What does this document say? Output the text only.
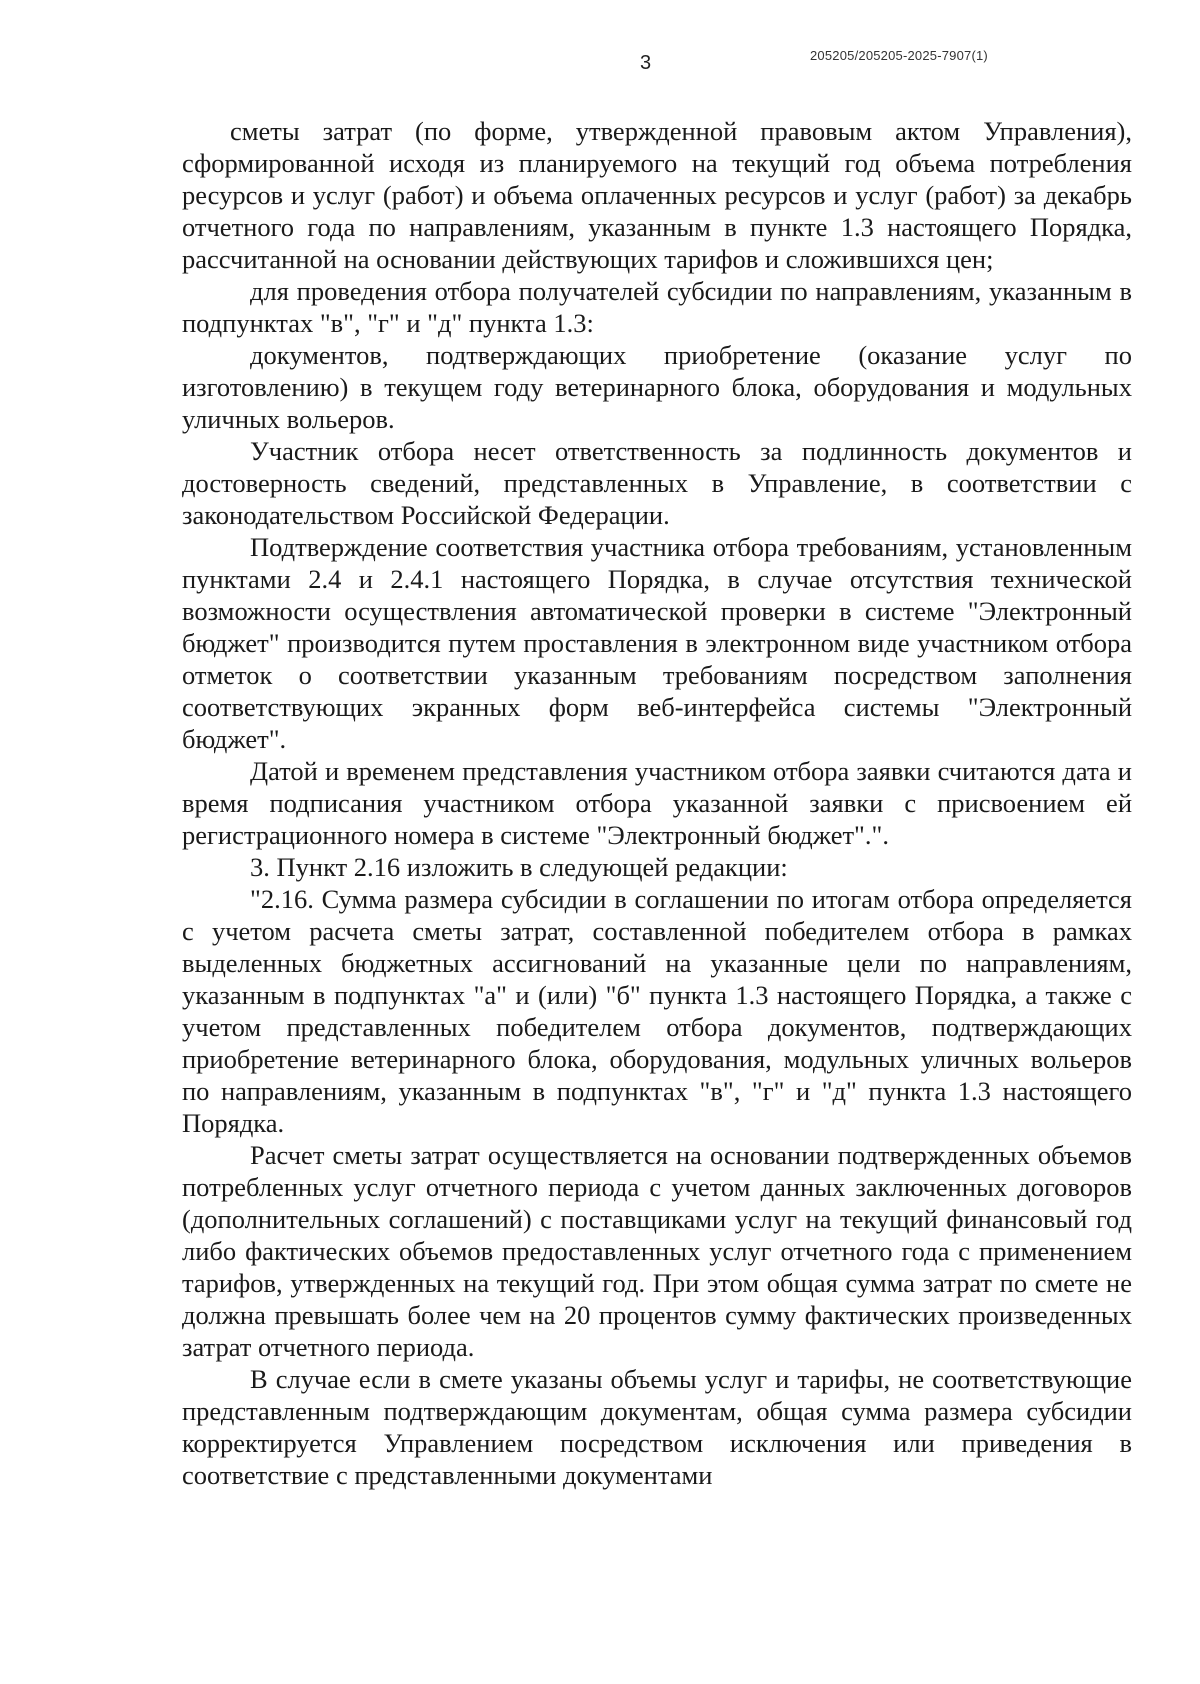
3	205205/205205-2025-7907(1)

сметы затрат (по форме, утвержденной правовым актом Управления), сформированной исходя из планируемого на текущий год объема потребления ресурсов и услуг (работ) и объема оплаченных ресурсов и услуг (работ) за декабрь отчетного года по направлениям, указанным в пункте 1.3 настоящего Порядка, рассчитанной на основании действующих тарифов и сложившихся цен;

для проведения отбора получателей субсидии по направлениям, указанным в подпунктах "в", "г" и "д" пункта 1.3:

документов, подтверждающих приобретение (оказание услуг по изготовлению) в текущем году ветеринарного блока, оборудования и модульных уличных вольеров.

Участник отбора несет ответственность за подлинность документов и достоверность сведений, представленных в Управление, в соответствии с законодательством Российской Федерации.

Подтверждение соответствия участника отбора требованиям, установленным пунктами 2.4 и 2.4.1 настоящего Порядка, в случае отсутствия технической возможности осуществления автоматической проверки в системе "Электронный бюджет" производится путем проставления в электронном виде участником отбора отметок о соответствии указанным требованиям посредством заполнения соответствующих экранных форм веб-интерфейса системы "Электронный бюджет".

Датой и временем представления участником отбора заявки считаются дата и время подписания участником отбора указанной заявки с присвоением ей регистрационного номера в системе "Электронный бюджет".".

3. Пункт 2.16 изложить в следующей редакции:

"2.16. Сумма размера субсидии в соглашении по итогам отбора определяется с учетом расчета сметы затрат, составленной победителем отбора в рамках выделенных бюджетных ассигнований на указанные цели по направлениям, указанным в подпунктах "а" и (или) "б" пункта 1.3 настоящего Порядка, а также с учетом представленных победителем отбора документов, подтверждающих приобретение ветеринарного блока, оборудования, модульных уличных вольеров по направлениям, указанным в подпунктах "в", "г" и "д" пункта 1.3 настоящего Порядка.

Расчет сметы затрат осуществляется на основании подтвержденных объемов потребленных услуг отчетного периода с учетом данных заключенных договоров (дополнительных соглашений) с поставщиками услуг на текущий финансовый год либо фактических объемов предоставленных услуг отчетного года с применением тарифов, утвержденных на текущий год. При этом общая сумма затрат по смете не должна превышать более чем на 20 процентов сумму фактических произведенных затрат отчетного периода.

В случае если в смете указаны объемы услуг и тарифы, не соответствующие представленным подтверждающим документам, общая сумма размера субсидии корректируется Управлением посредством исключения или приведения в соответствие с представленными документами
